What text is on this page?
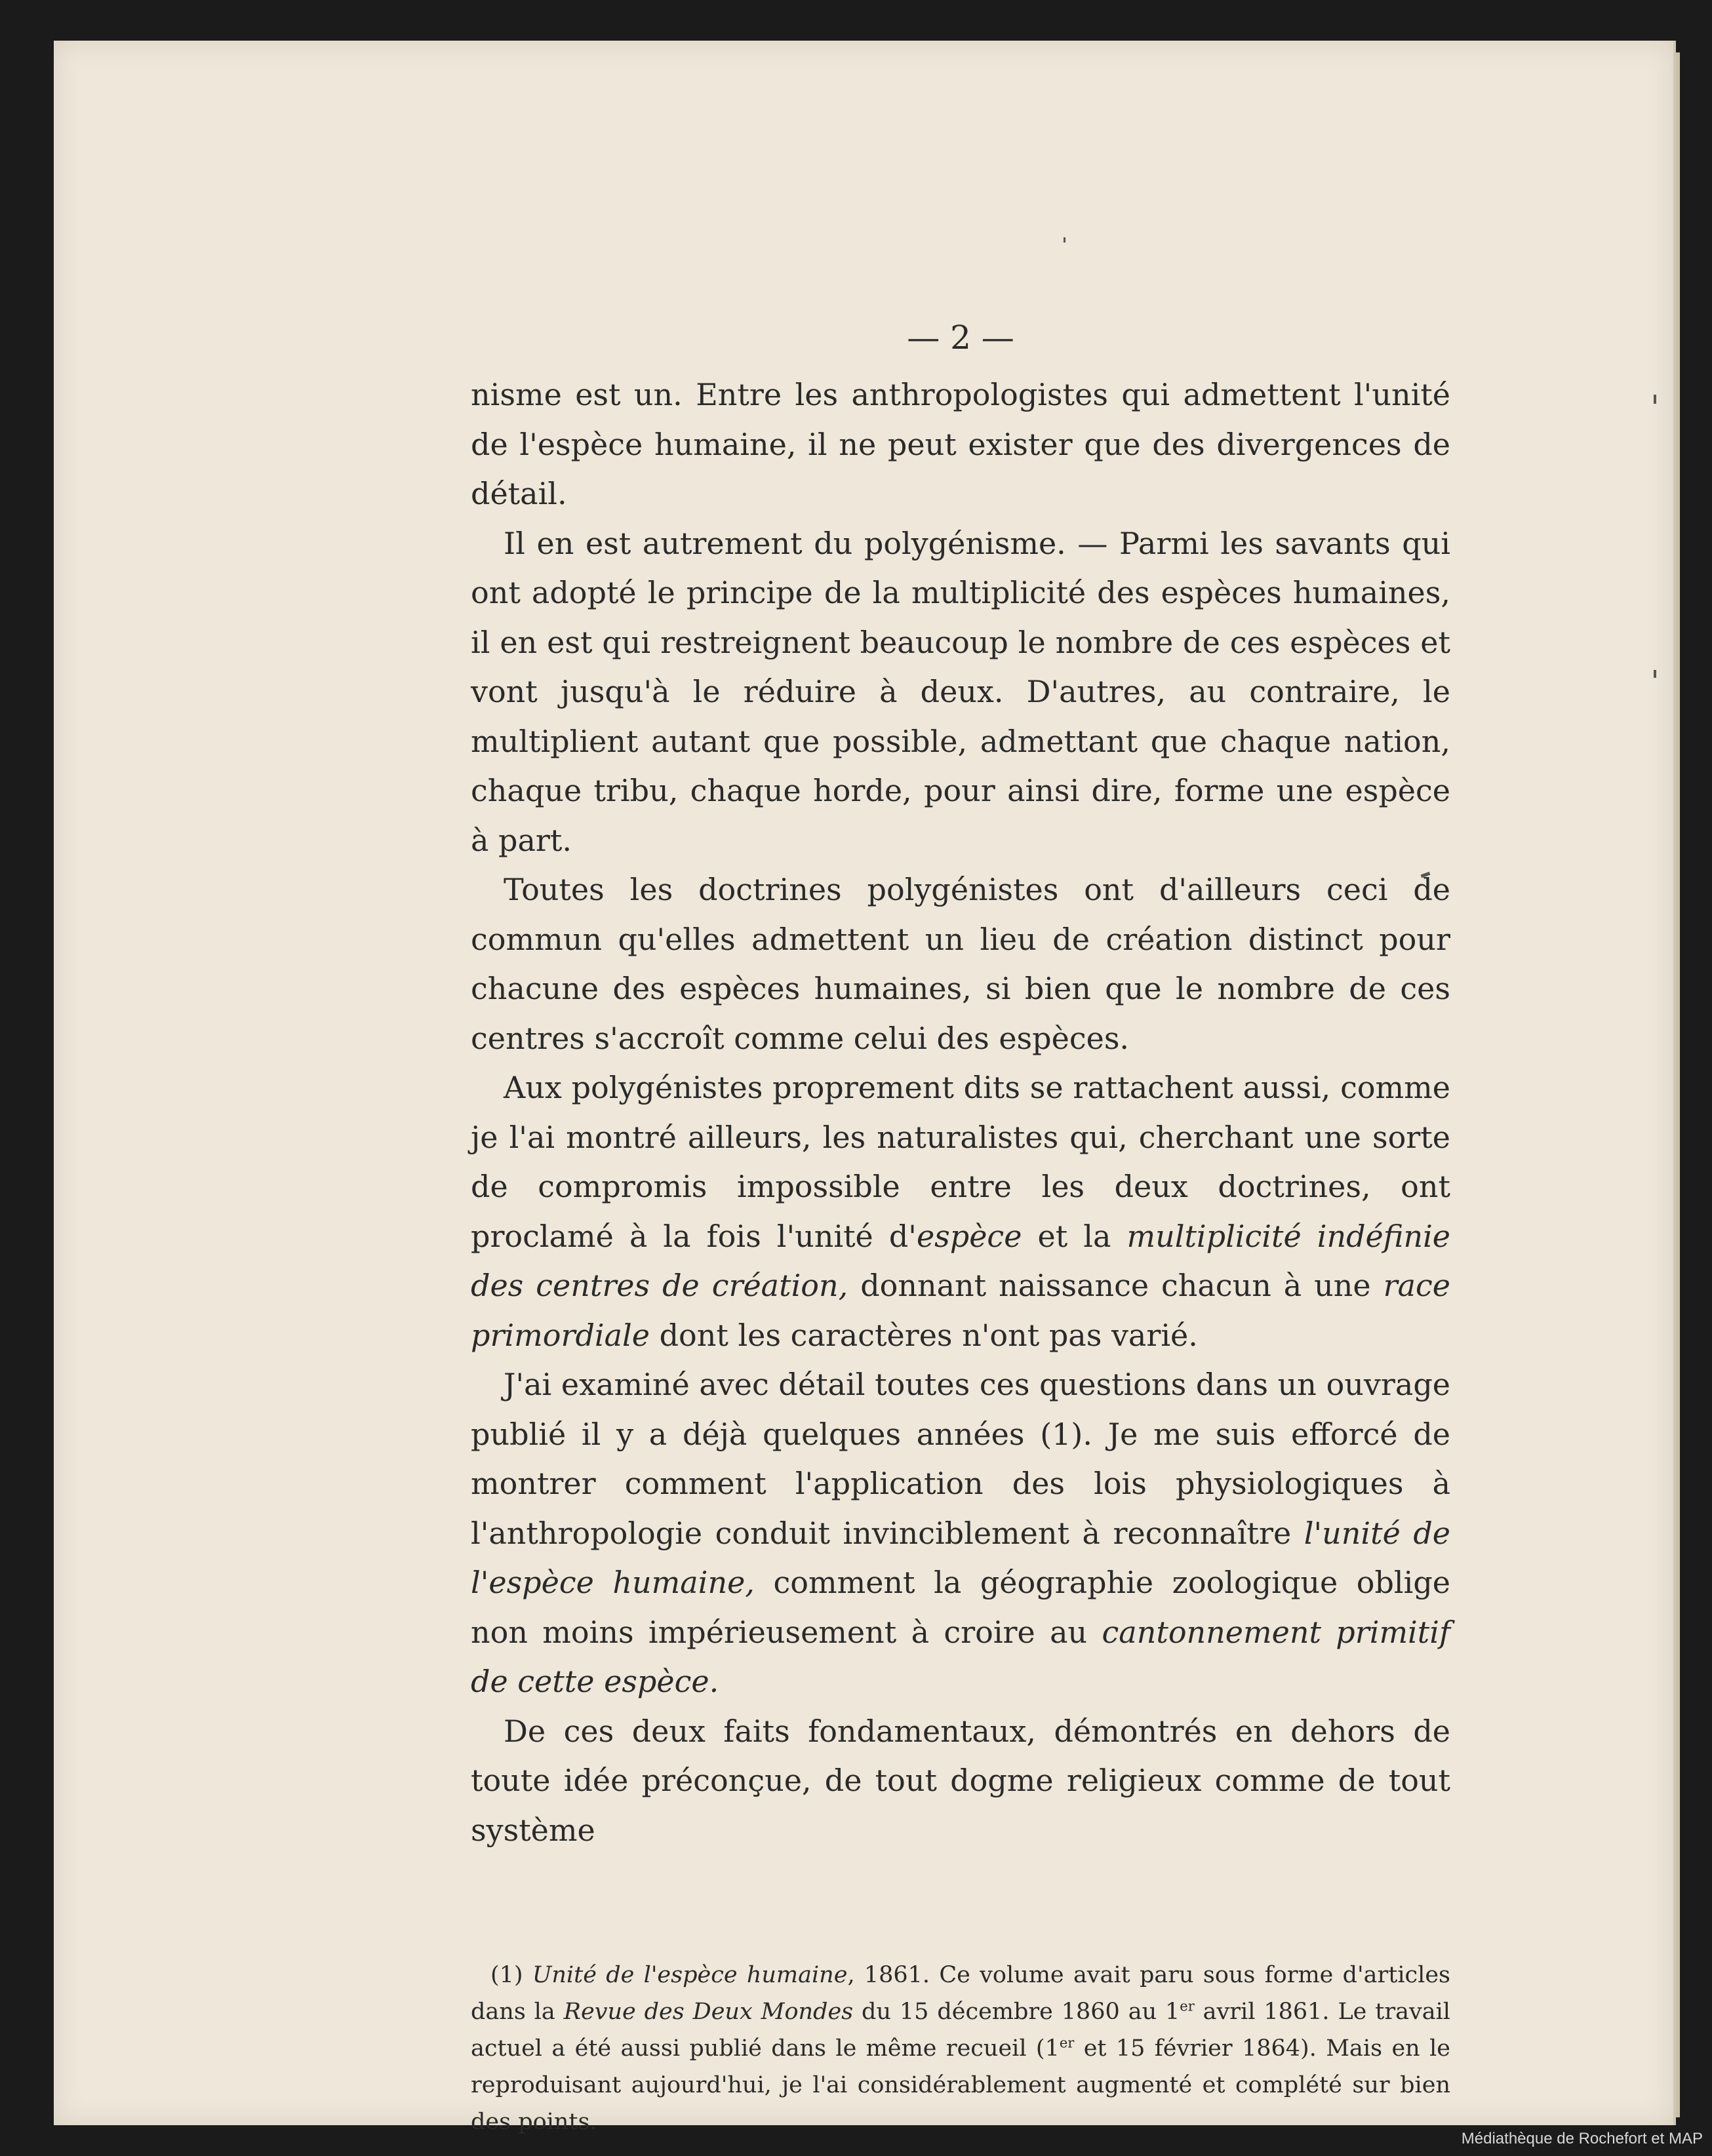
— 2 —

nisme est un. Entre les anthropologistes qui admettent l'unité de l'espèce humaine, il ne peut exister que des divergences de détail.

Il en est autrement du polygénisme. — Parmi les savants qui ont adopté le principe de la multiplicité des espèces humaines, il en est qui restreignent beaucoup le nombre de ces espèces et vont jusqu'à le réduire à deux. D'autres, au contraire, le multiplient autant que possible, admettant que chaque nation, chaque tribu, chaque horde, pour ainsi dire, forme une espèce à part.

Toutes les doctrines polygénistes ont d'ailleurs ceci de commun qu'elles admettent un lieu de création distinct pour chacune des espèces humaines, si bien que le nombre de ces centres s'accroît comme celui des espèces.

Aux polygénistes proprement dits se rattachent aussi, comme je l'ai montré ailleurs, les naturalistes qui, cherchant une sorte de compromis impossible entre les deux doctrines, ont proclamé à la fois l'unité d'espèce et la multiplicité indéfinie des centres de création, donnant naissance chacun à une race primordiale dont les caractères n'ont pas varié.

J'ai examiné avec détail toutes ces questions dans un ouvrage publié il y a déjà quelques années (1). Je me suis efforcé de montrer comment l'application des lois physiologiques à l'anthropologie conduit invinciblement à reconnaître l'unité de l'espèce humaine, comment la géographie zoologique oblige non moins impérieusement à croire au cantonnement primitif de cette espèce.

De ces deux faits fondamentaux, démontrés en dehors de toute idée préconçue, de tout dogme religieux comme de tout système

(1) Unité de l'espèce humaine, 1861. Ce volume avait paru sous forme d'articles dans la Revue des Deux Mondes du 15 décembre 1860 au 1er avril 1861. Le travail actuel a été aussi publié dans le même recueil (1er et 15 février 1864). Mais en le reproduisant aujourd'hui, je l'ai considérablement augmenté et complété sur bien des points.

Médiathèque de Rochefort et MAP
